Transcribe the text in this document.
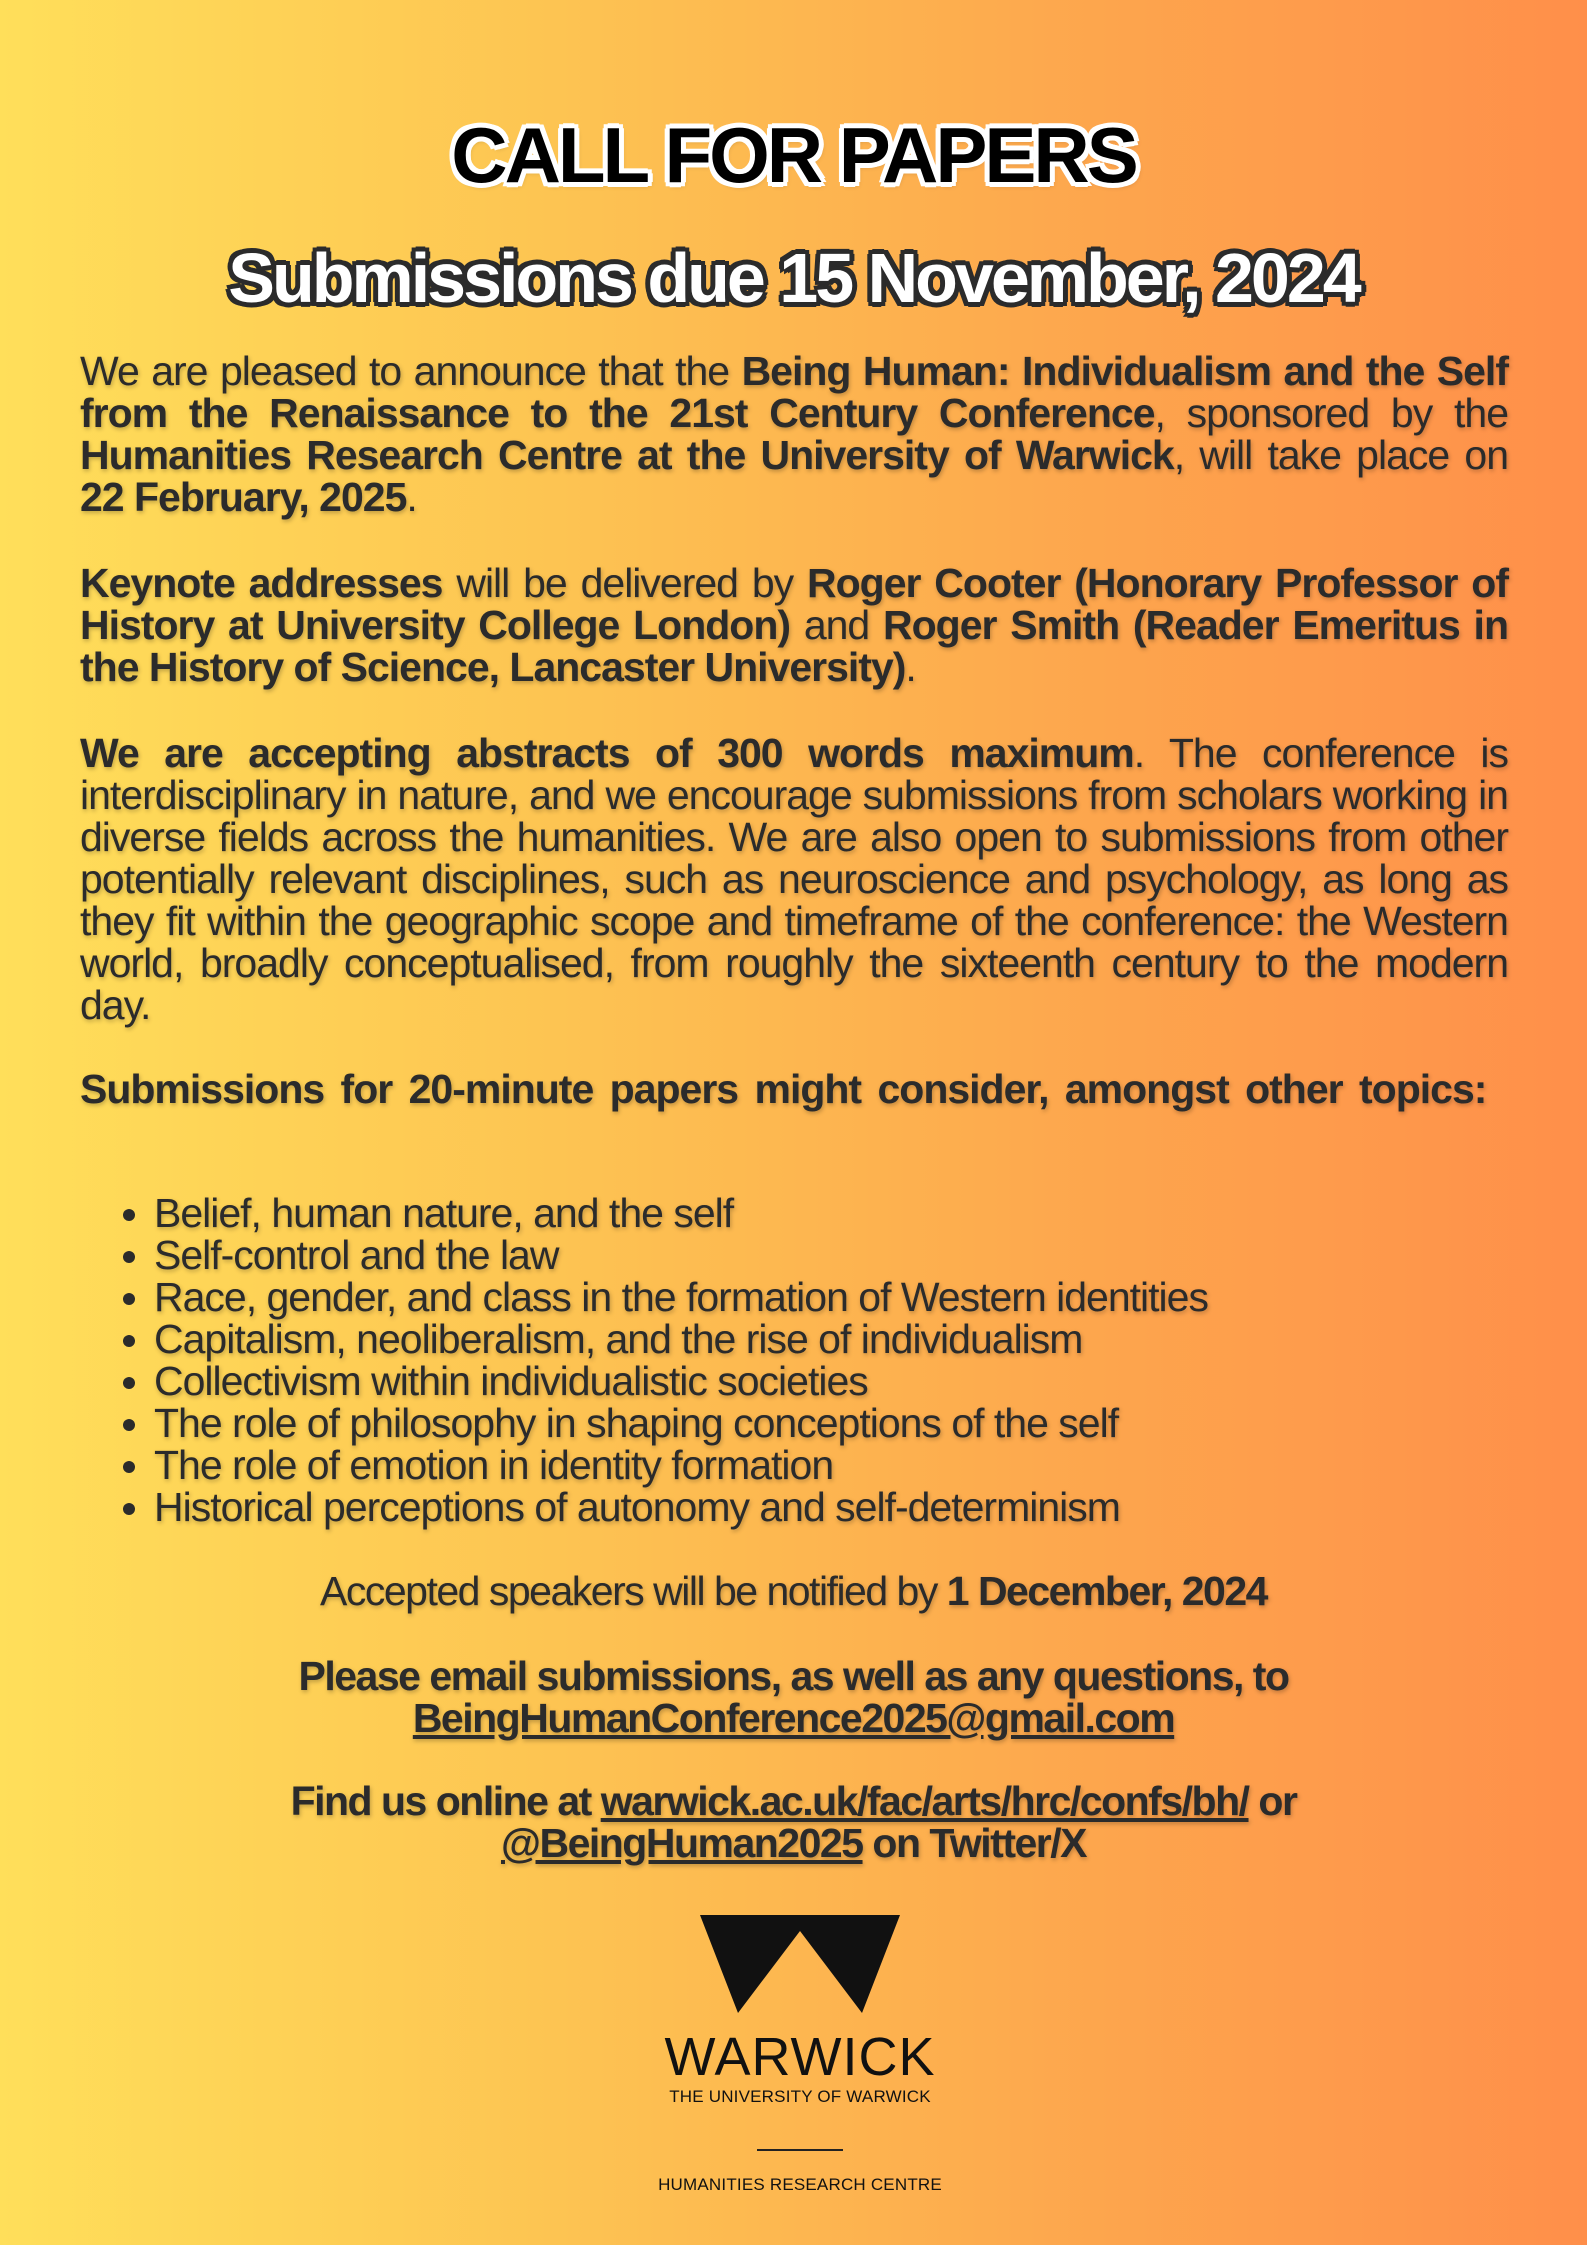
CALL FOR PAPERS
Submissions due 15 November, 2024
We are pleased to announce that the Being Human: Individualism and the Self from the Renaissance to the 21st Century Conference, sponsored by the Humanities Research Centre at the University of Warwick, will take place on 22 February, 2025.
Keynote addresses will be delivered by Roger Cooter (Honorary Professor of History at University College London) and Roger Smith (Reader Emeritus in the History of Science, Lancaster University).
We are accepting abstracts of 300 words maximum. The conference is interdisciplinary in nature, and we encourage submissions from scholars working in diverse fields across the humanities. We are also open to submissions from other potentially relevant disciplines, such as neuroscience and psychology, as long as they fit within the geographic scope and timeframe of the conference: the Western world, broadly conceptualised, from roughly the sixteenth century to the modern day.
Submissions for 20-minute papers might consider, amongst other topics:
• Belief, human nature, and the self
• Self-control and the law
• Race, gender, and class in the formation of Western identities
• Capitalism, neoliberalism, and the rise of individualism
• Collectivism within individualistic societies
• The role of philosophy in shaping conceptions of the self
• The role of emotion in identity formation
• Historical perceptions of autonomy and self-determinism
Accepted speakers will be notified by 1 December, 2024
Please email submissions, as well as any questions, to
BeingHumanConference2025@gmail.com
Find us online at warwick.ac.uk/fac/arts/hrc/confs/bh/ or
@BeingHuman2025 on Twitter/X
WARWICK
THE UNIVERSITY OF WARWICK
HUMANITIES RESEARCH CENTRE
